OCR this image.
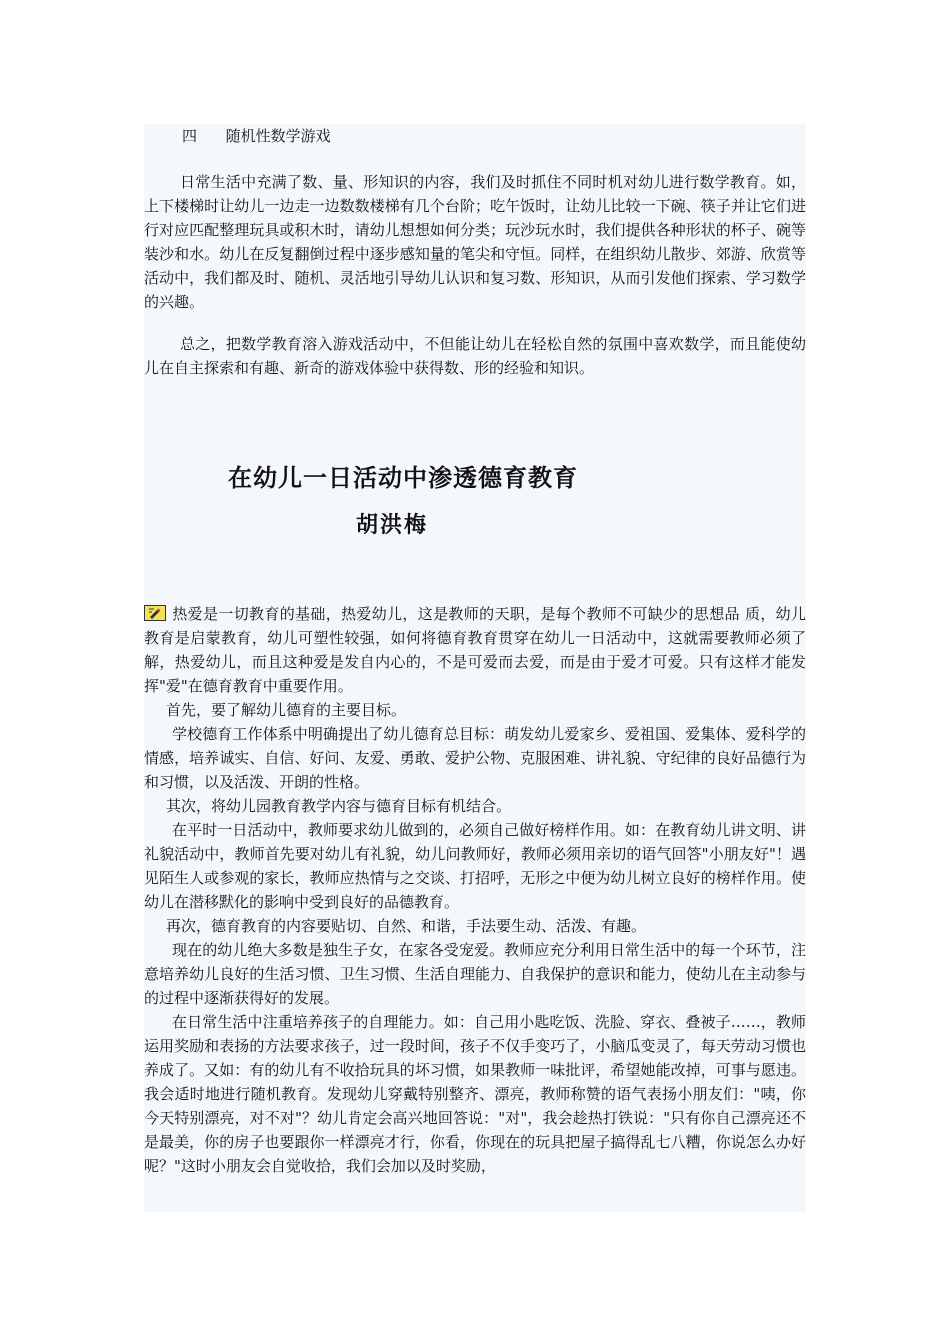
四      随机性数学游戏

日常生活中充满了数、量、形知识的内容，我们及时抓住不同时机对幼儿进行数学教育。如，上下楼梯时让幼儿一边走一边数数楼梯有几个台阶；吃午饭时，让幼儿比较一下碗、筷子并让它们进行对应匹配整理玩具或积木时，请幼儿想想如何分类；玩沙玩水时，我们提供各种形状的杯子、碗等装沙和水。幼儿在反复翻倒过程中逐步感知量的笔尖和守恒。同样，在组织幼儿散步、郊游、欣赏等活动中，我们都及时、随机、灵活地引导幼儿认识和复习数、形知识，从而引发他们探索、学习数学的兴趣。

总之，把数学教育溶入游戏活动中，不但能让幼儿在轻松自然的氛围中喜欢数学，而且能使幼儿在自主探索和有趣、新奇的游戏体验中获得数、形的经验和知识。

在幼儿一日活动中渗透德育教育
胡洪梅

热爱是一切教育的基础，热爱幼儿，这是教师的天职，是每个教师不可缺少的思想品 质，幼儿教育是启蒙教育，幼儿可塑性较强，如何将德育教育贯穿在幼儿一日活动中，这就需要教师必须了解，热爱幼儿，而且这种爱是发自内心的，不是可爱而去爱，而是由于爱才可爱。只有这样才能发挥"爱"在德育教育中重要作用。

首先，要了解幼儿德育的主要目标。

学校德育工作体系中明确提出了幼儿德育总目标：萌发幼儿爱家乡、爱祖国、爱集体、爱科学的情感，培养诚实、自信、好问、友爱、勇敢、爱护公物、克服困难、讲礼貌、守纪律的良好品德行为和习惯，以及活泼、开朗的性格。

其次，将幼儿园教育教学内容与德育目标有机结合。

在平时一日活动中，教师要求幼儿做到的，必须自己做好榜样作用。如：在教育幼儿讲文明、讲礼貌活动中，教师首先要对幼儿有礼貌，幼儿问教师好，教师必须用亲切的语气回答"小朋友好"！遇见陌生人或参观的家长，教师应热情与之交谈、打招呼，无形之中便为幼儿树立良好的榜样作用。使幼儿在潜移默化的影响中受到良好的品德教育。

再次，德育教育的内容要贴切、自然、和谐，手法要生动、活泼、有趣。

现在的幼儿绝大多数是独生子女，在家各受宠爱。教师应充分利用日常生活中的每一个环节，注意培养幼儿良好的生活习惯、卫生习惯、生活自理能力、自我保护的意识和能力，使幼儿在主动参与的过程中逐渐获得好的发展。

在日常生活中注重培养孩子的自理能力。如：自己用小匙吃饭、洗脸、穿衣、叠被子……，教师运用奖励和表扬的方法要求孩子，过一段时间，孩子不仅手变巧了，小脑瓜变灵了，每天劳动习惯也养成了。又如：有的幼儿有不收拾玩具的坏习惯，如果教师一味批评，希望她能改掉，可事与愿违。我会适时地进行随机教育。发现幼儿穿戴特别整齐、漂亮，教师称赞的语气表扬小朋友们："咦，你今天特别漂亮，对不对"？幼儿肯定会高兴地回答说："对"，我会趁热打铁说："只有你自己漂亮还不是最美，你的房子也要跟你一样漂亮才行，你看，你现在的玩具把屋子搞得乱七八糟，你说怎么办好呢？"这时小朋友会自觉收拾，我们会加以及时奖励，
